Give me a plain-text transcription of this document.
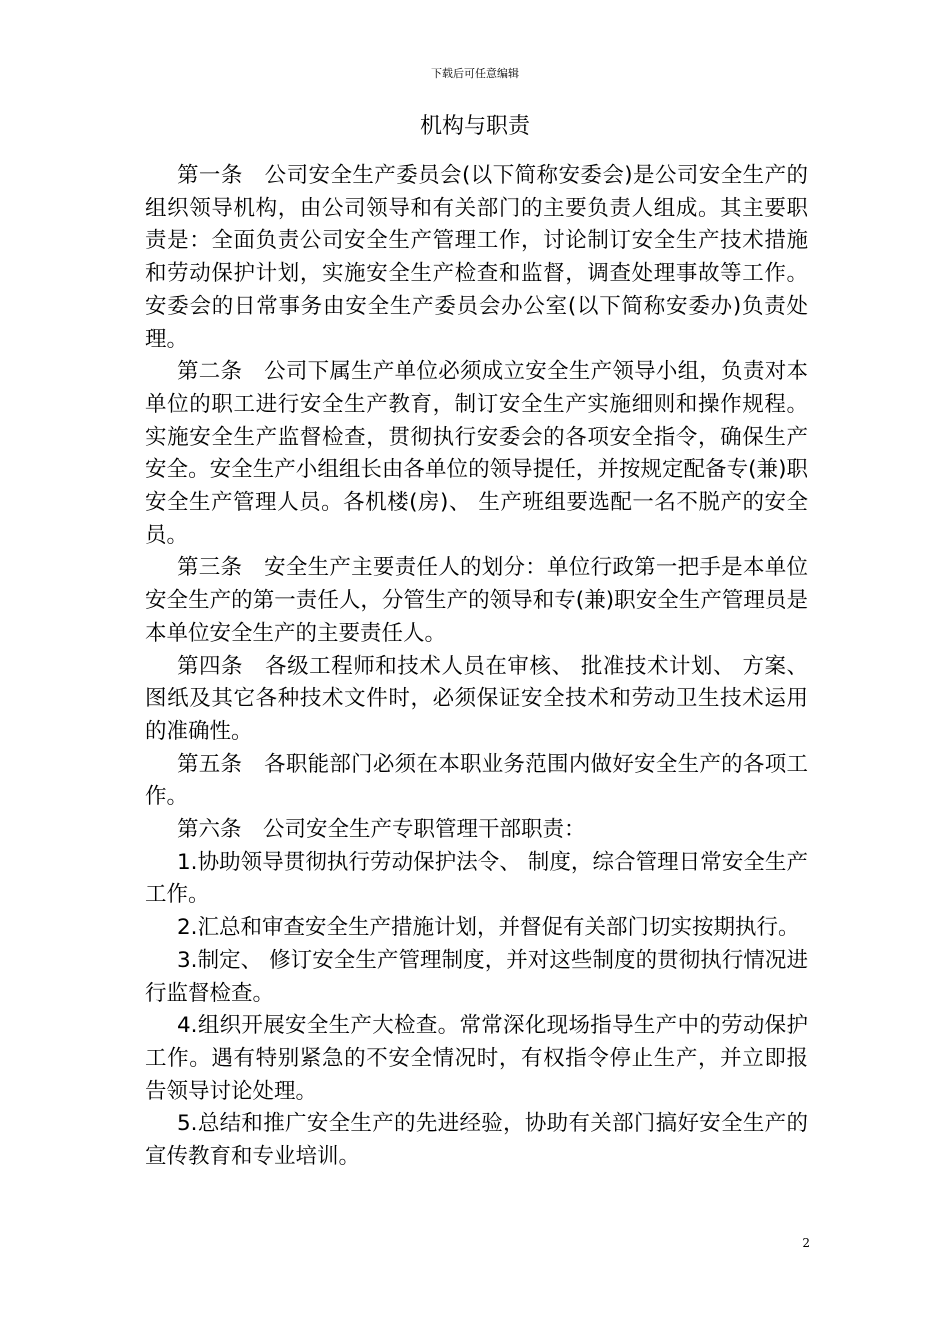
下载后可任意编辑
机构与职责

第一条　公司安全生产委员会(以下简称安委会)是公司安全生产的组织领导机构，由公司领导和有关部门的主要负责人组成。其主要职责是：全面负责公司安全生产管理工作，讨论制订安全生产技术措施和劳动保护计划，实施安全生产检查和监督，调查处理事故等工作。安委会的日常事务由安全生产委员会办公室(以下简称安委办)负责处理。

第二条　公司下属生产单位必须成立安全生产领导小组，负责对本单位的职工进行安全生产教育，制订安全生产实施细则和操作规程。实施安全生产监督检查，贯彻执行安委会的各项安全指令，确保生产安全。安全生产小组组长由各单位的领导提任，并按规定配备专(兼)职安全生产管理人员。各机楼(房)、 生产班组要选配一名不脱产的安全员。

第三条　安全生产主要责任人的划分：单位行政第一把手是本单位安全生产的第一责任人，分管生产的领导和专(兼)职安全生产管理员是本单位安全生产的主要责任人。

第四条　各级工程师和技术人员在审核、 批准技术计划、 方案、 图纸及其它各种技术文件时，必须保证安全技术和劳动卫生技术运用的准确性。

第五条　各职能部门必须在本职业务范围内做好安全生产的各项工作。

第六条　公司安全生产专职管理干部职责：

1.协助领导贯彻执行劳动保护法令、 制度，综合管理日常安全生产工作。

2.汇总和审查安全生产措施计划，并督促有关部门切实按期执行。

3.制定、 修订安全生产管理制度，并对这些制度的贯彻执行情况进行监督检查。

4.组织开展安全生产大检查。常常深化现场指导生产中的劳动保护工作。遇有特别紧急的不安全情况时，有权指令停止生产，并立即报告领导讨论处理。

5.总结和推广安全生产的先进经验，协助有关部门搞好安全生产的宣传教育和专业培训。

2
